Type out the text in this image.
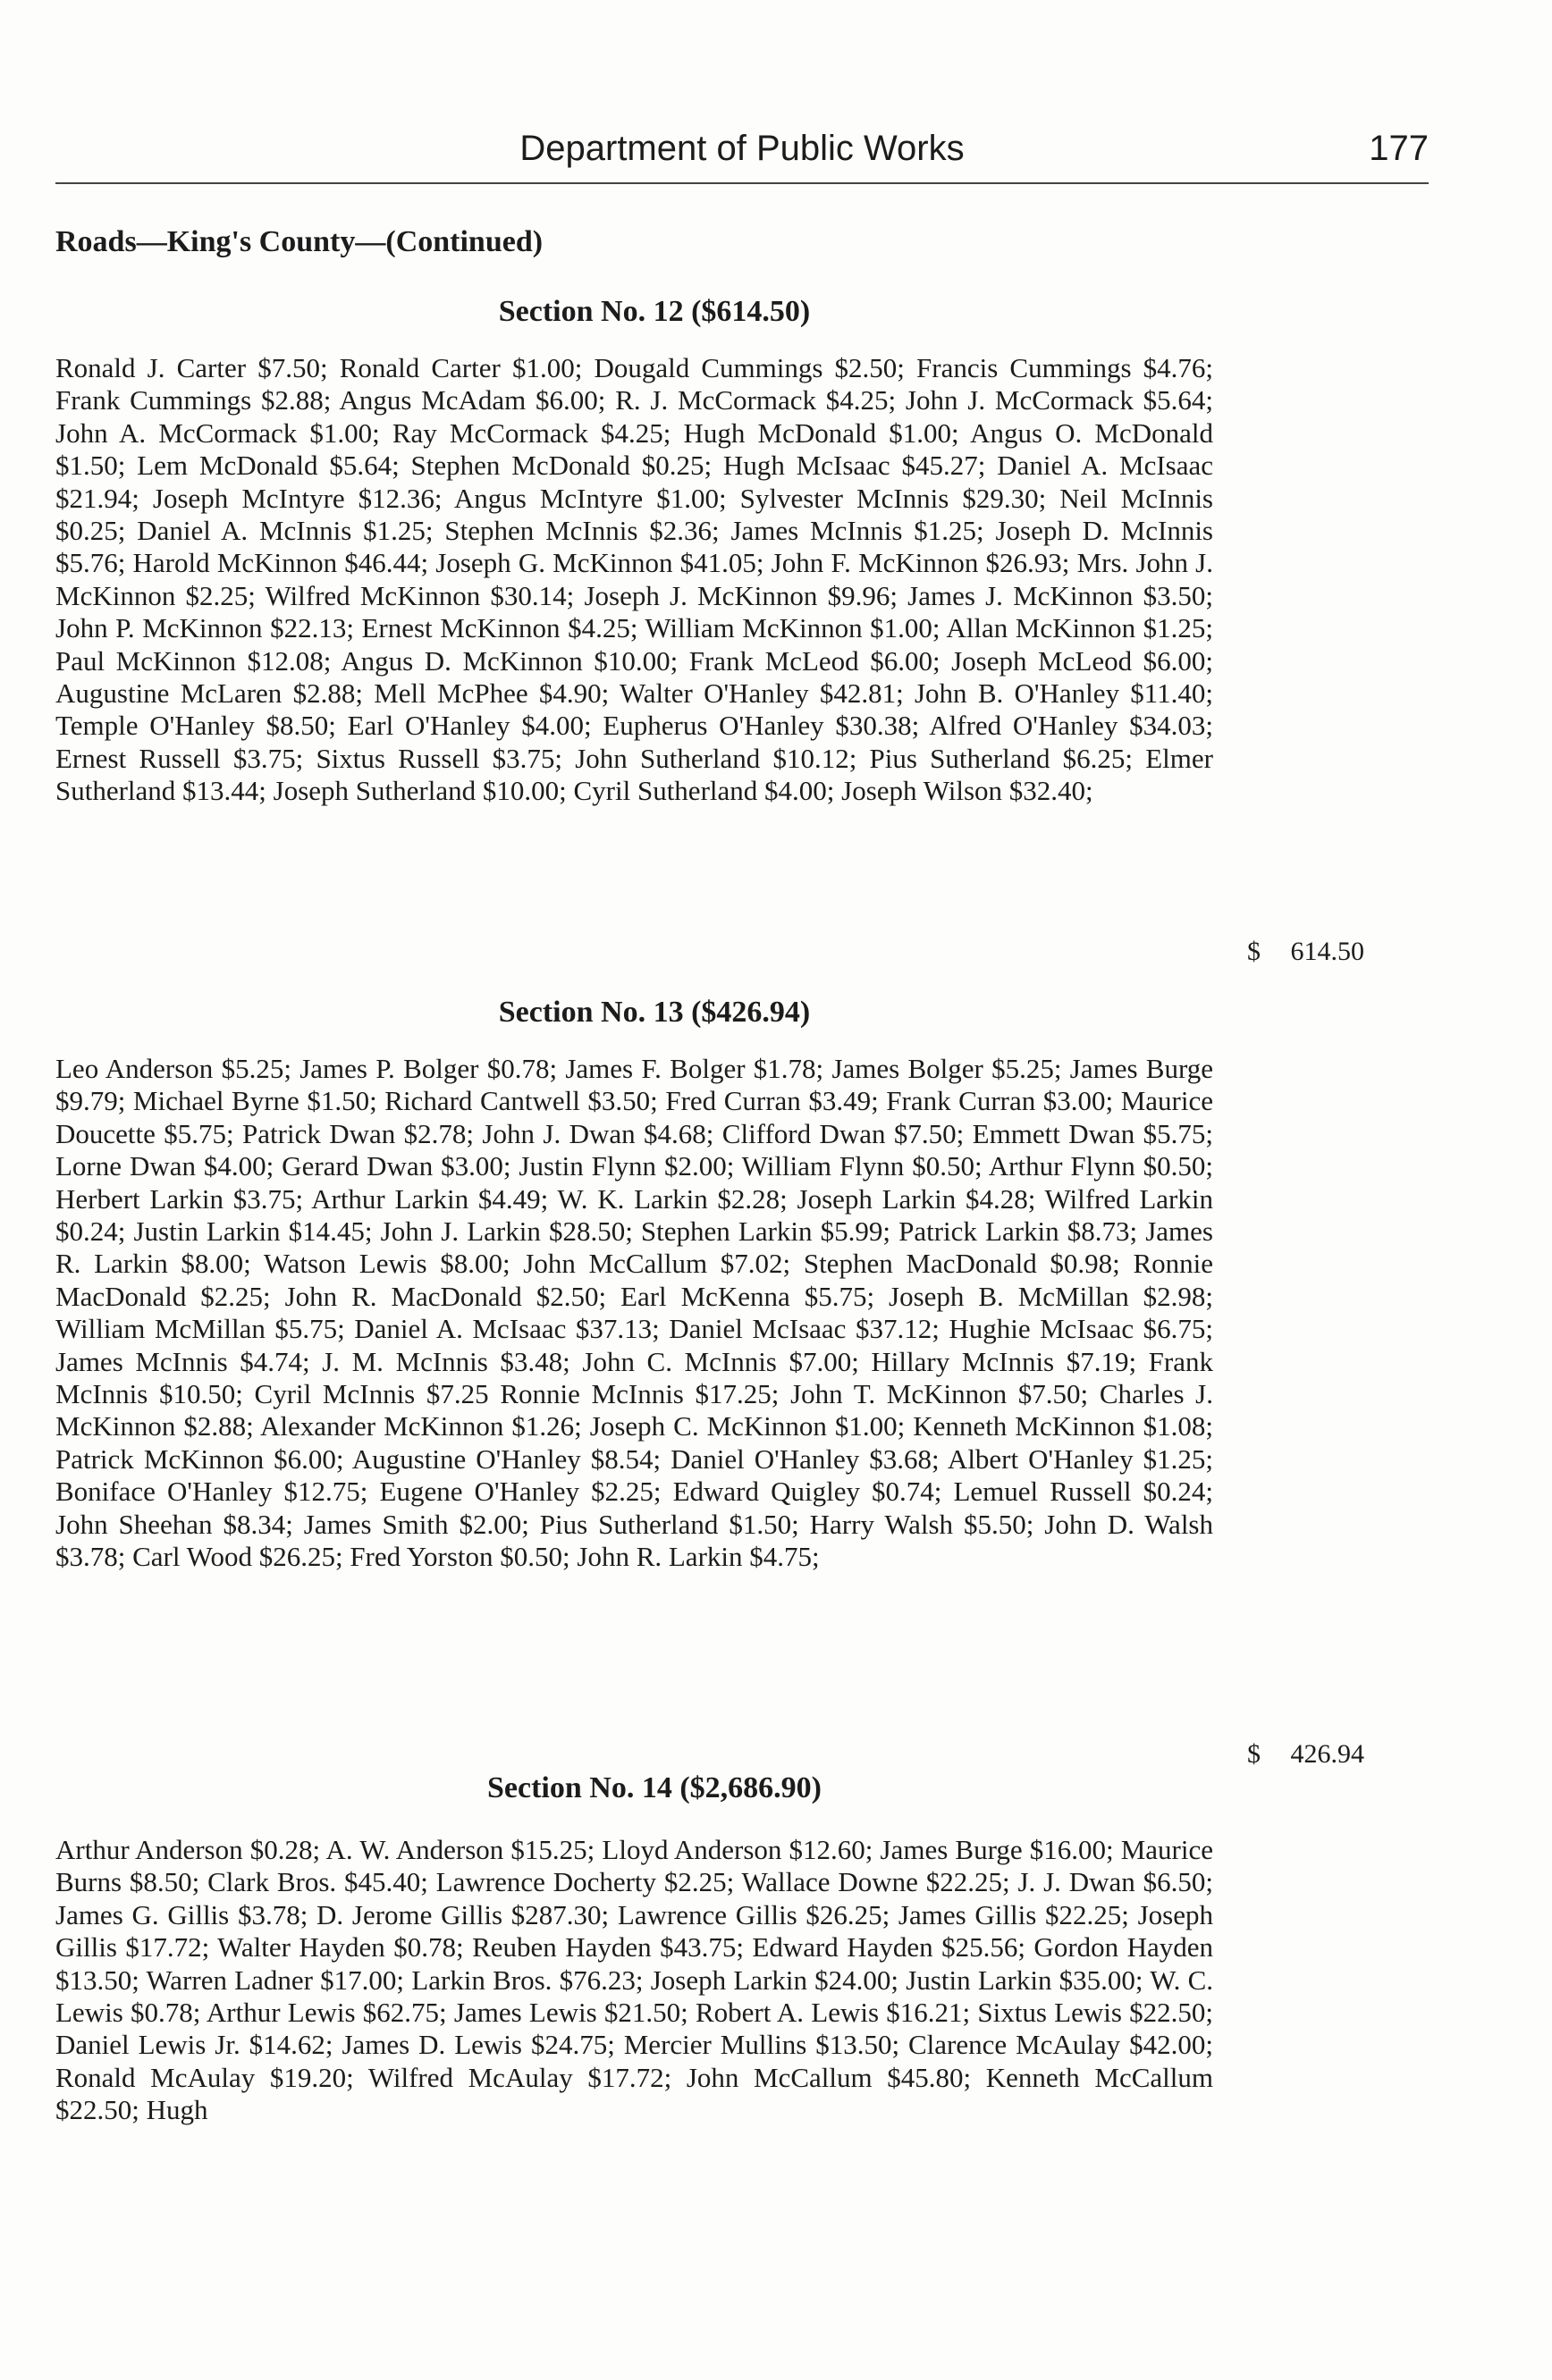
Department of Public Works	177
Roads—King's County—(Continued)
Section No. 12 ($614.50)
Ronald J. Carter $7.50; Ronald Carter $1.00; Dougald Cummings $2.50; Francis Cummings $4.76; Frank Cummings $2.88; Angus McAdam $6.00; R. J. McCormack $4.25; John J. McCormack $5.64; John A. McCormack $1.00; Ray McCormack $4.25; Hugh McDonald $1.00; Angus O. McDonald $1.50; Lem McDonald $5.64; Stephen McDonald $0.25; Hugh McIsaac $45.27; Daniel A. McIsaac $21.94; Joseph McIntyre $12.36; Angus McIntyre $1.00; Sylvester McInnis $29.30; Neil McInnis $0.25; Daniel A. McInnis $1.25; Stephen McInnis $2.36; James McInnis $1.25; Joseph D. McInnis $5.76; Harold McKinnon $46.44; Joseph G. McKinnon $41.05; John F. McKinnon $26.93; Mrs. John J. McKinnon $2.25; Wilfred McKinnon $30.14; Joseph J. McKinnon $9.96; James J. McKinnon $3.50; John P. McKinnon $22.13; Ernest McKinnon $4.25; William McKinnon $1.00; Allan McKinnon $1.25; Paul McKinnon $12.08; Angus D. McKinnon $10.00; Frank McLeod $6.00; Joseph McLeod $6.00; Augustine McLaren $2.88; Mell McPhee $4.90; Walter O'Hanley $42.81; John B. O'Hanley $11.40; Temple O'Hanley $8.50; Earl O'Hanley $4.00; Eupherus O'Hanley $30.38; Alfred O'Hanley $34.03; Ernest Russell $3.75; Sixtus Russell $3.75; John Sutherland $10.12; Pius Sutherland $6.25; Elmer Sutherland $13.44; Joseph Sutherland $10.00; Cyril Sutherland $4.00; Joseph Wilson $32.40;
$ 614.50
Section No. 13 ($426.94)
Leo Anderson $5.25; James P. Bolger $0.78; James F. Bolger $1.78; James Bolger $5.25; James Burge $9.79; Michael Byrne $1.50; Richard Cantwell $3.50; Fred Curran $3.49; Frank Curran $3.00; Maurice Doucette $5.75; Patrick Dwan $2.78; John J. Dwan $4.68; Clifford Dwan $7.50; Emmett Dwan $5.75; Lorne Dwan $4.00; Gerard Dwan $3.00; Justin Flynn $2.00; William Flynn $0.50; Arthur Flynn $0.50; Herbert Larkin $3.75; Arthur Larkin $4.49; W. K. Larkin $2.28; Joseph Larkin $4.28; Wilfred Larkin $0.24; Justin Larkin $14.45; John J. Larkin $28.50; Stephen Larkin $5.99; Patrick Larkin $8.73; James R. Larkin $8.00; Watson Lewis $8.00; John McCallum $7.02; Stephen MacDonald $0.98; Ronnie MacDonald $2.25; John R. MacDonald $2.50; Earl McKenna $5.75; Joseph B. McMillan $2.98; William McMillan $5.75; Daniel A. McIsaac $37.13; Daniel McIsaac $37.12; Hughie McIsaac $6.75; James McInnis $4.74; J. M. McInnis $3.48; John C. McInnis $7.00; Hillary McInnis $7.19; Frank McInnis $10.50; Cyril McInnis $7.25 Ronnie McInnis $17.25; John T. McKinnon $7.50; Charles J. McKinnon $2.88; Alexander McKinnon $1.26; Joseph C. McKinnon $1.00; Kenneth McKinnon $1.08; Patrick McKinnon $6.00; Augustine O'Hanley $8.54; Daniel O'Hanley $3.68; Albert O'Hanley $1.25; Boniface O'Hanley $12.75; Eugene O'Hanley $2.25; Edward Quigley $0.74; Lemuel Russell $0.24; John Sheehan $8.34; James Smith $2.00; Pius Sutherland $1.50; Harry Walsh $5.50; John D. Walsh $3.78; Carl Wood $26.25; Fred Yorston $0.50; John R. Larkin $4.75;
$ 426.94
Section No. 14 ($2,686.90)
Arthur Anderson $0.28; A. W. Anderson $15.25; Lloyd Anderson $12.60; James Burge $16.00; Maurice Burns $8.50; Clark Bros. $45.40; Lawrence Docherty $2.25; Wallace Downe $22.25; J. J. Dwan $6.50; James G. Gillis $3.78; D. Jerome Gillis $287.30; Lawrence Gillis $26.25; James Gillis $22.25; Joseph Gillis $17.72; Walter Hayden $0.78; Reuben Hayden $43.75; Edward Hayden $25.56; Gordon Hayden $13.50; Warren Ladner $17.00; Larkin Bros. $76.23; Joseph Larkin $24.00; Justin Larkin $35.00; W. C. Lewis $0.78; Arthur Lewis $62.75; James Lewis $21.50; Robert A. Lewis $16.21; Sixtus Lewis $22.50; Daniel Lewis Jr. $14.62; James D. Lewis $24.75; Mercier Mullins $13.50; Clarence McAulay $42.00; Ronald McAulay $19.20; Wilfred McAulay $17.72; John McCallum $45.80; Kenneth McCallum $22.50; Hugh
